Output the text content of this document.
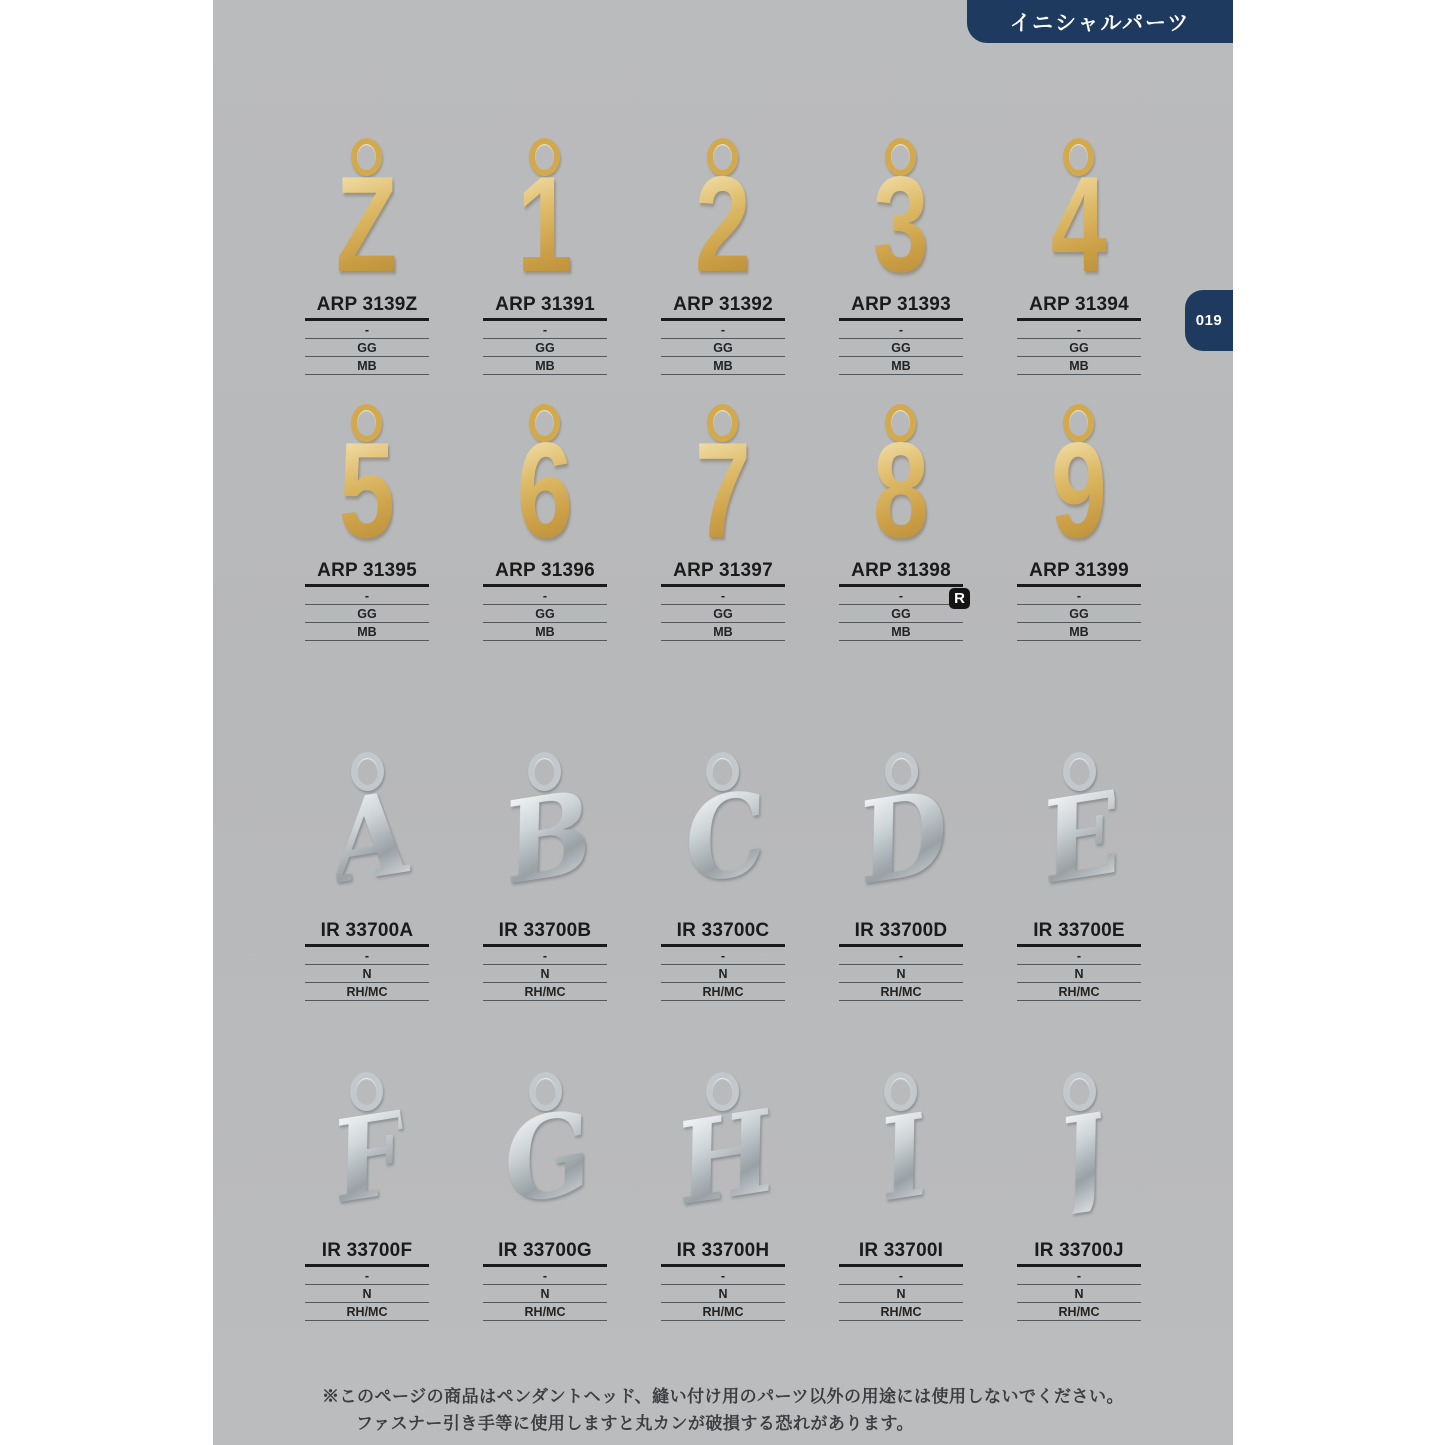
イニシャルパーツ
019
Z
ARP 3139Z
-
GG
MB
1
ARP 31391
-
GG
MB
2
ARP 31392
-
GG
MB
3
ARP 31393
-
GG
MB
4
ARP 31394
-
GG
MB
5
ARP 31395
-
GG
MB
6
ARP 31396
-
GG
MB
7
ARP 31397
-
GG
MB
8
ARP 31398
-
GG
MB
R
9
ARP 31399
-
GG
MB
A
IR 33700A
-
N
RH/MC
B
IR 33700B
-
N
RH/MC
C
IR 33700C
-
N
RH/MC
D
IR 33700D
-
N
RH/MC
E
IR 33700E
-
N
RH/MC
F
IR 33700F
-
N
RH/MC
G
IR 33700G
-
N
RH/MC
H
IR 33700H
-
N
RH/MC
I
IR 33700I
-
N
RH/MC
J
IR 33700J
-
N
RH/MC
※このページの商品はペンダントヘッド、縫い付け用のパーツ以外の用途には使用しないでください。
ファスナー引き手等に使用しますと丸カンが破損する恐れがあります。
